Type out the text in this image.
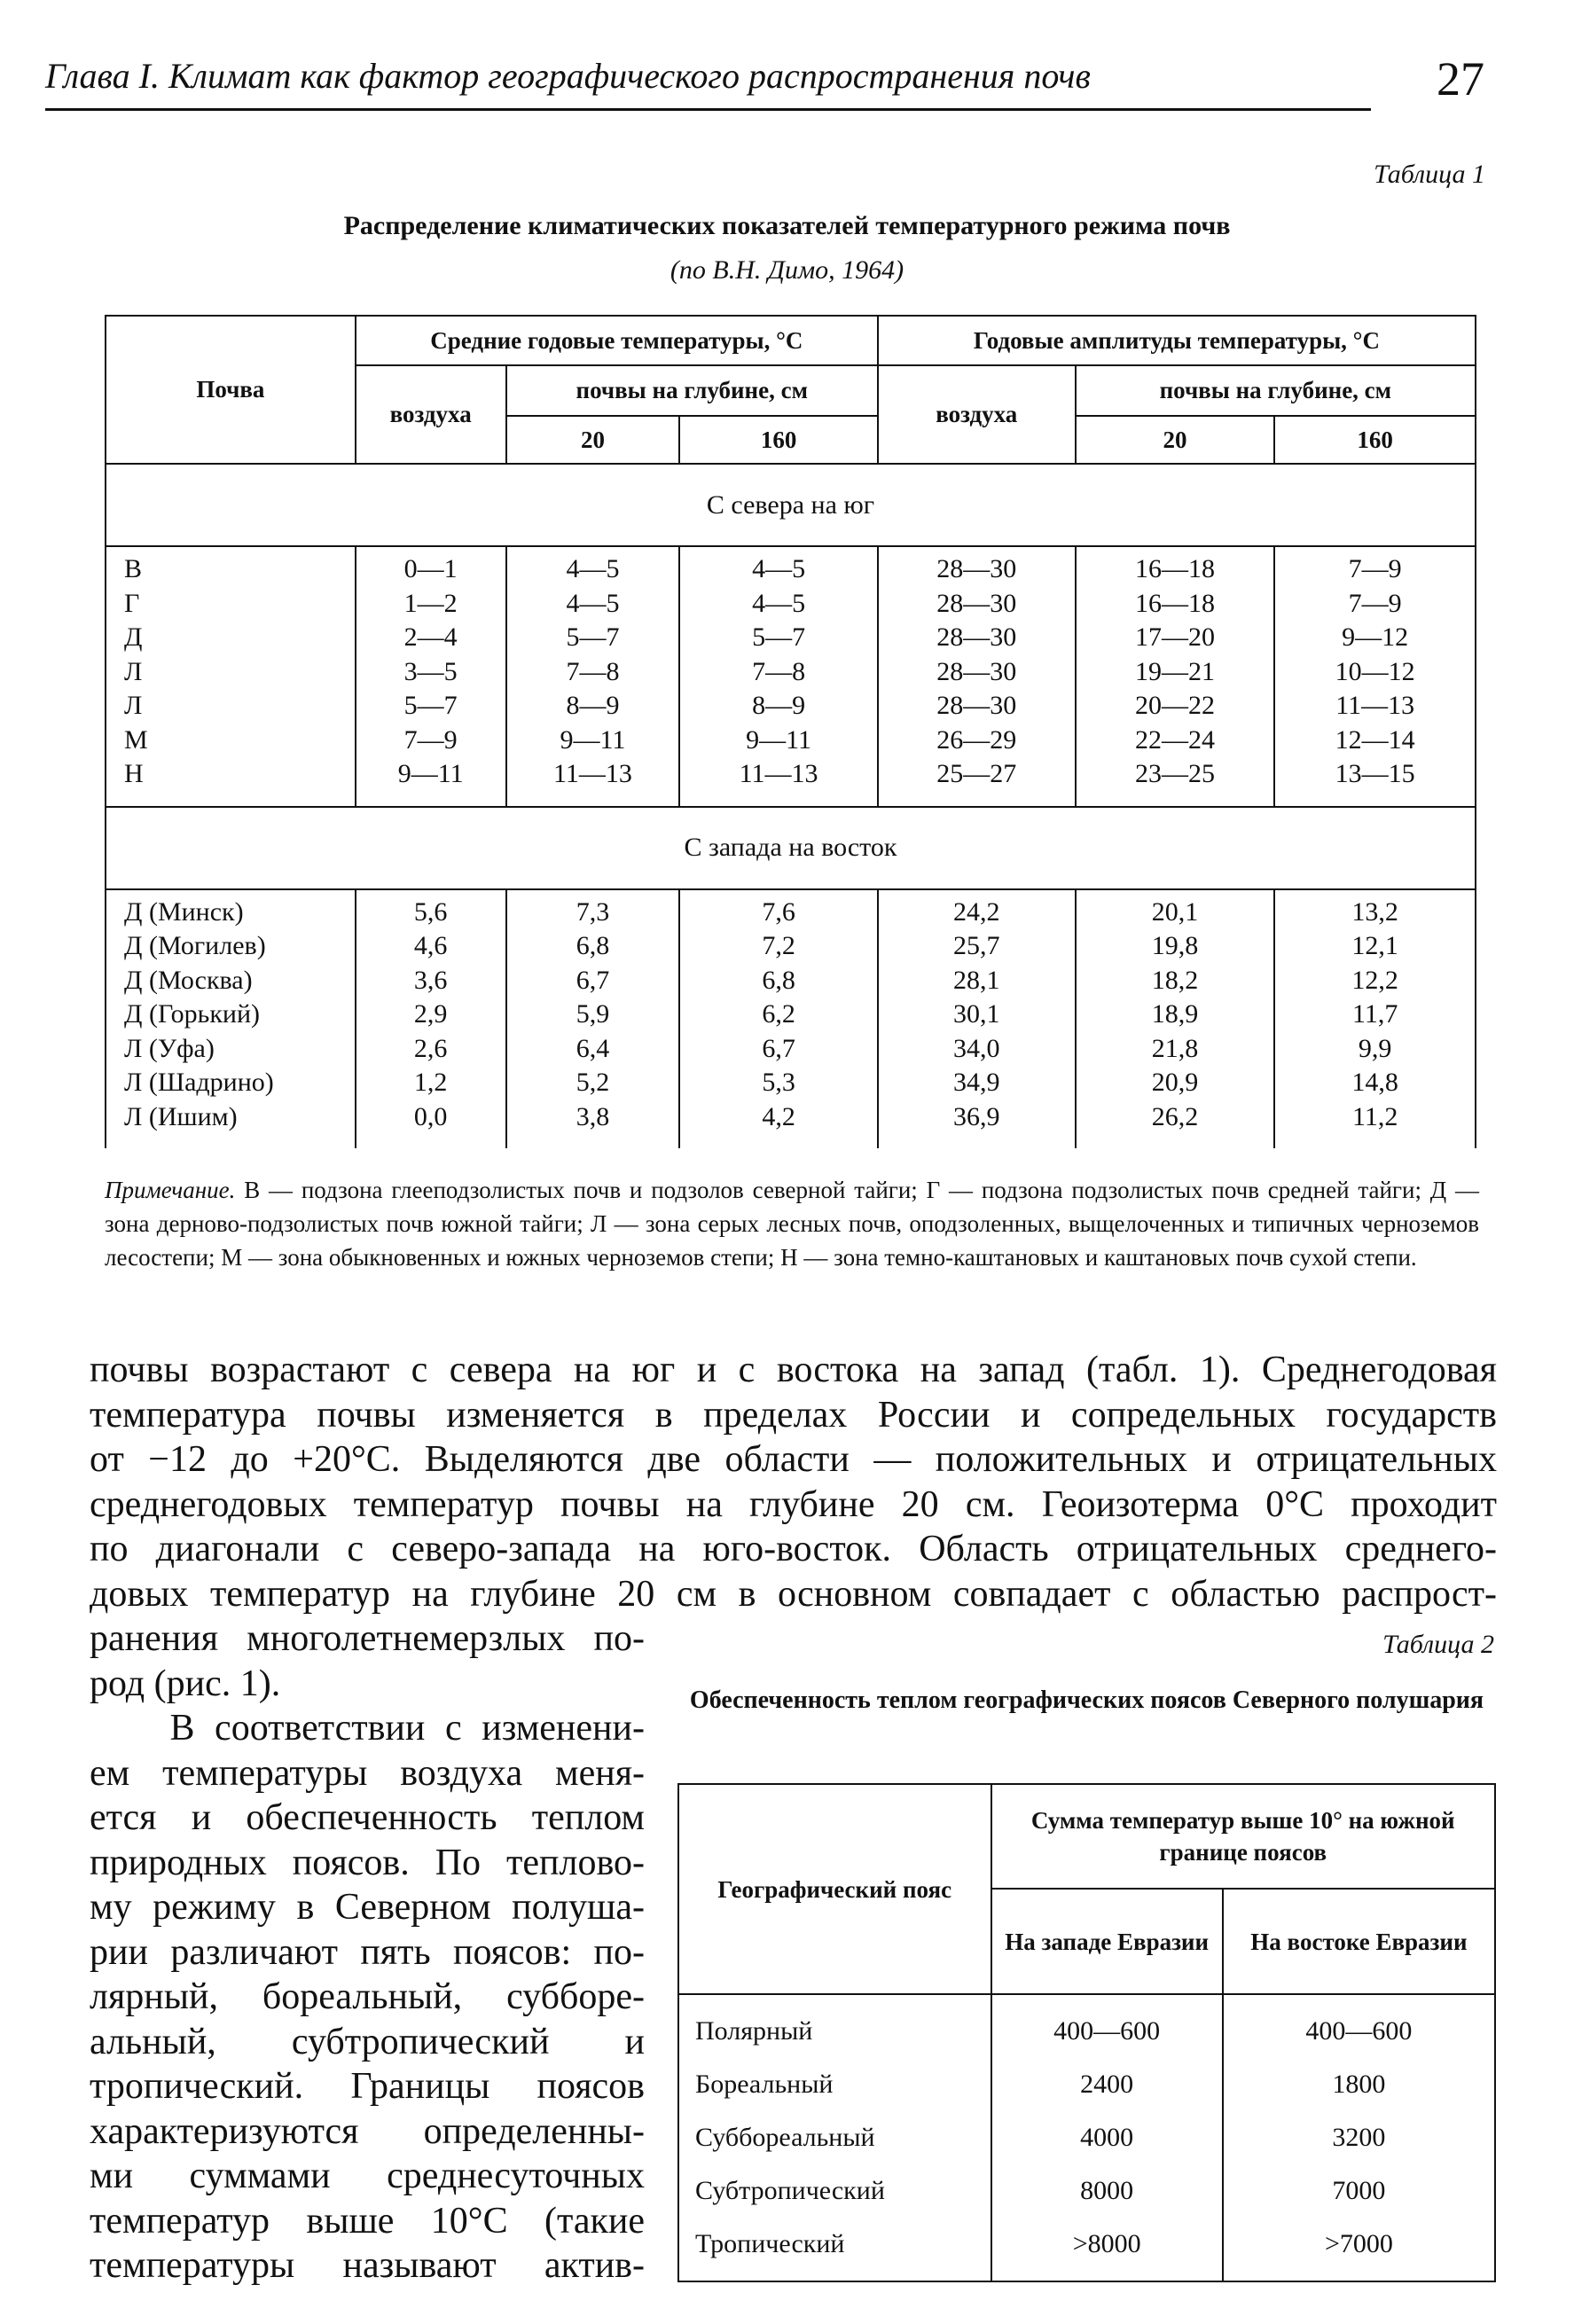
Глава I. Климат как фактор географического распространения почв	27
Таблица 1
Распределение климатических показателей температурного режима почв
(по В.Н. Димо, 1964)
Почва	Средние годовые температуры, °С			Годовые амплитуды температуры, °С		
	воздуха	почвы на глубине, см		воздуха	почвы на глубине, см	
		20	160		20	160
С севера на юг						
В	0—1	4—5	4—5	28—30	16—18	7—9
Г	1—2	4—5	4—5	28—30	16—18	7—9
Д	2—4	5—7	5—7	28—30	17—20	9—12
Л	3—5	7—8	7—8	28—30	19—21	10—12
Л	5—7	8—9	8—9	28—30	20—22	11—13
М	7—9	9—11	9—11	26—29	22—24	12—14
Н	9—11	11—13	11—13	25—27	23—25	13—15
С запада на восток						
Д (Минск)	5,6	7,3	7,6	24,2	20,1	13,2
Д (Могилев)	4,6	6,8	7,2	25,7	19,8	12,1
Д (Москва)	3,6	6,7	6,8	28,1	18,2	12,2
Д (Горький)	2,9	5,9	6,2	30,1	18,9	11,7
Л (Уфа)	2,6	6,4	6,7	34,0	21,8	9,9
Л (Шадрино)	1,2	5,2	5,3	34,9	20,9	14,8
Л (Ишим)	0,0	3,8	4,2	36,9	26,2	11,2
Примечание. В — подзона глееподзолистых почв и подзолов северной тайги; Г — подзона подзолистых почв средней тайги; Д — зона дерново-подзолистых почв южной тайги; Л — зона серых лесных почв, оподзоленных, выщелоченных и типичных черноземов лесостепи; М — зона обыкновенных и южных черноземов степи; Н — зона темно-каштановых и каштановых почв сухой степи.
почвы возрастают с севера на юг и с востока на запад (табл. 1). Среднегодовая
температура почвы изменяется в пределах России и сопредельных государств
от −12 до +20°С. Выделяются две области — положительных и отрицательных
среднегодовых температур почвы на глубине 20 см. Геоизотерма 0°С проходит
по диагонали с северо-запада на юго-восток. Область отрицательных среднего-
довых температур на глубине 20 см в основном совпадает с областью распрост-
ранения многолетнемерзлых по-
род (рис. 1).
В соответствии с изменени-
ем температуры воздуха меня-
ется и обеспеченность теплом
природных поясов. По теплово-
му режиму в Северном полуша-
рии различают пять поясов: по-
лярный, бореальный, субборе-
альный, субтропический и
тропический. Границы поясов
характеризуются определенны-
ми суммами среднесуточных
температур выше 10°С (такие
температуры называют актив-
Таблица 2
Обеспеченность теплом географических поясов Северного полушария
Географический пояс	Сумма температур выше 10° на южной границе поясов	
	На западе Евразии	На востоке Евразии
Полярный	400—600	400—600
Бореальный	2400	1800
Суббореальный	4000	3200
Субтропический	8000	7000
Тропический	>8000	>7000
